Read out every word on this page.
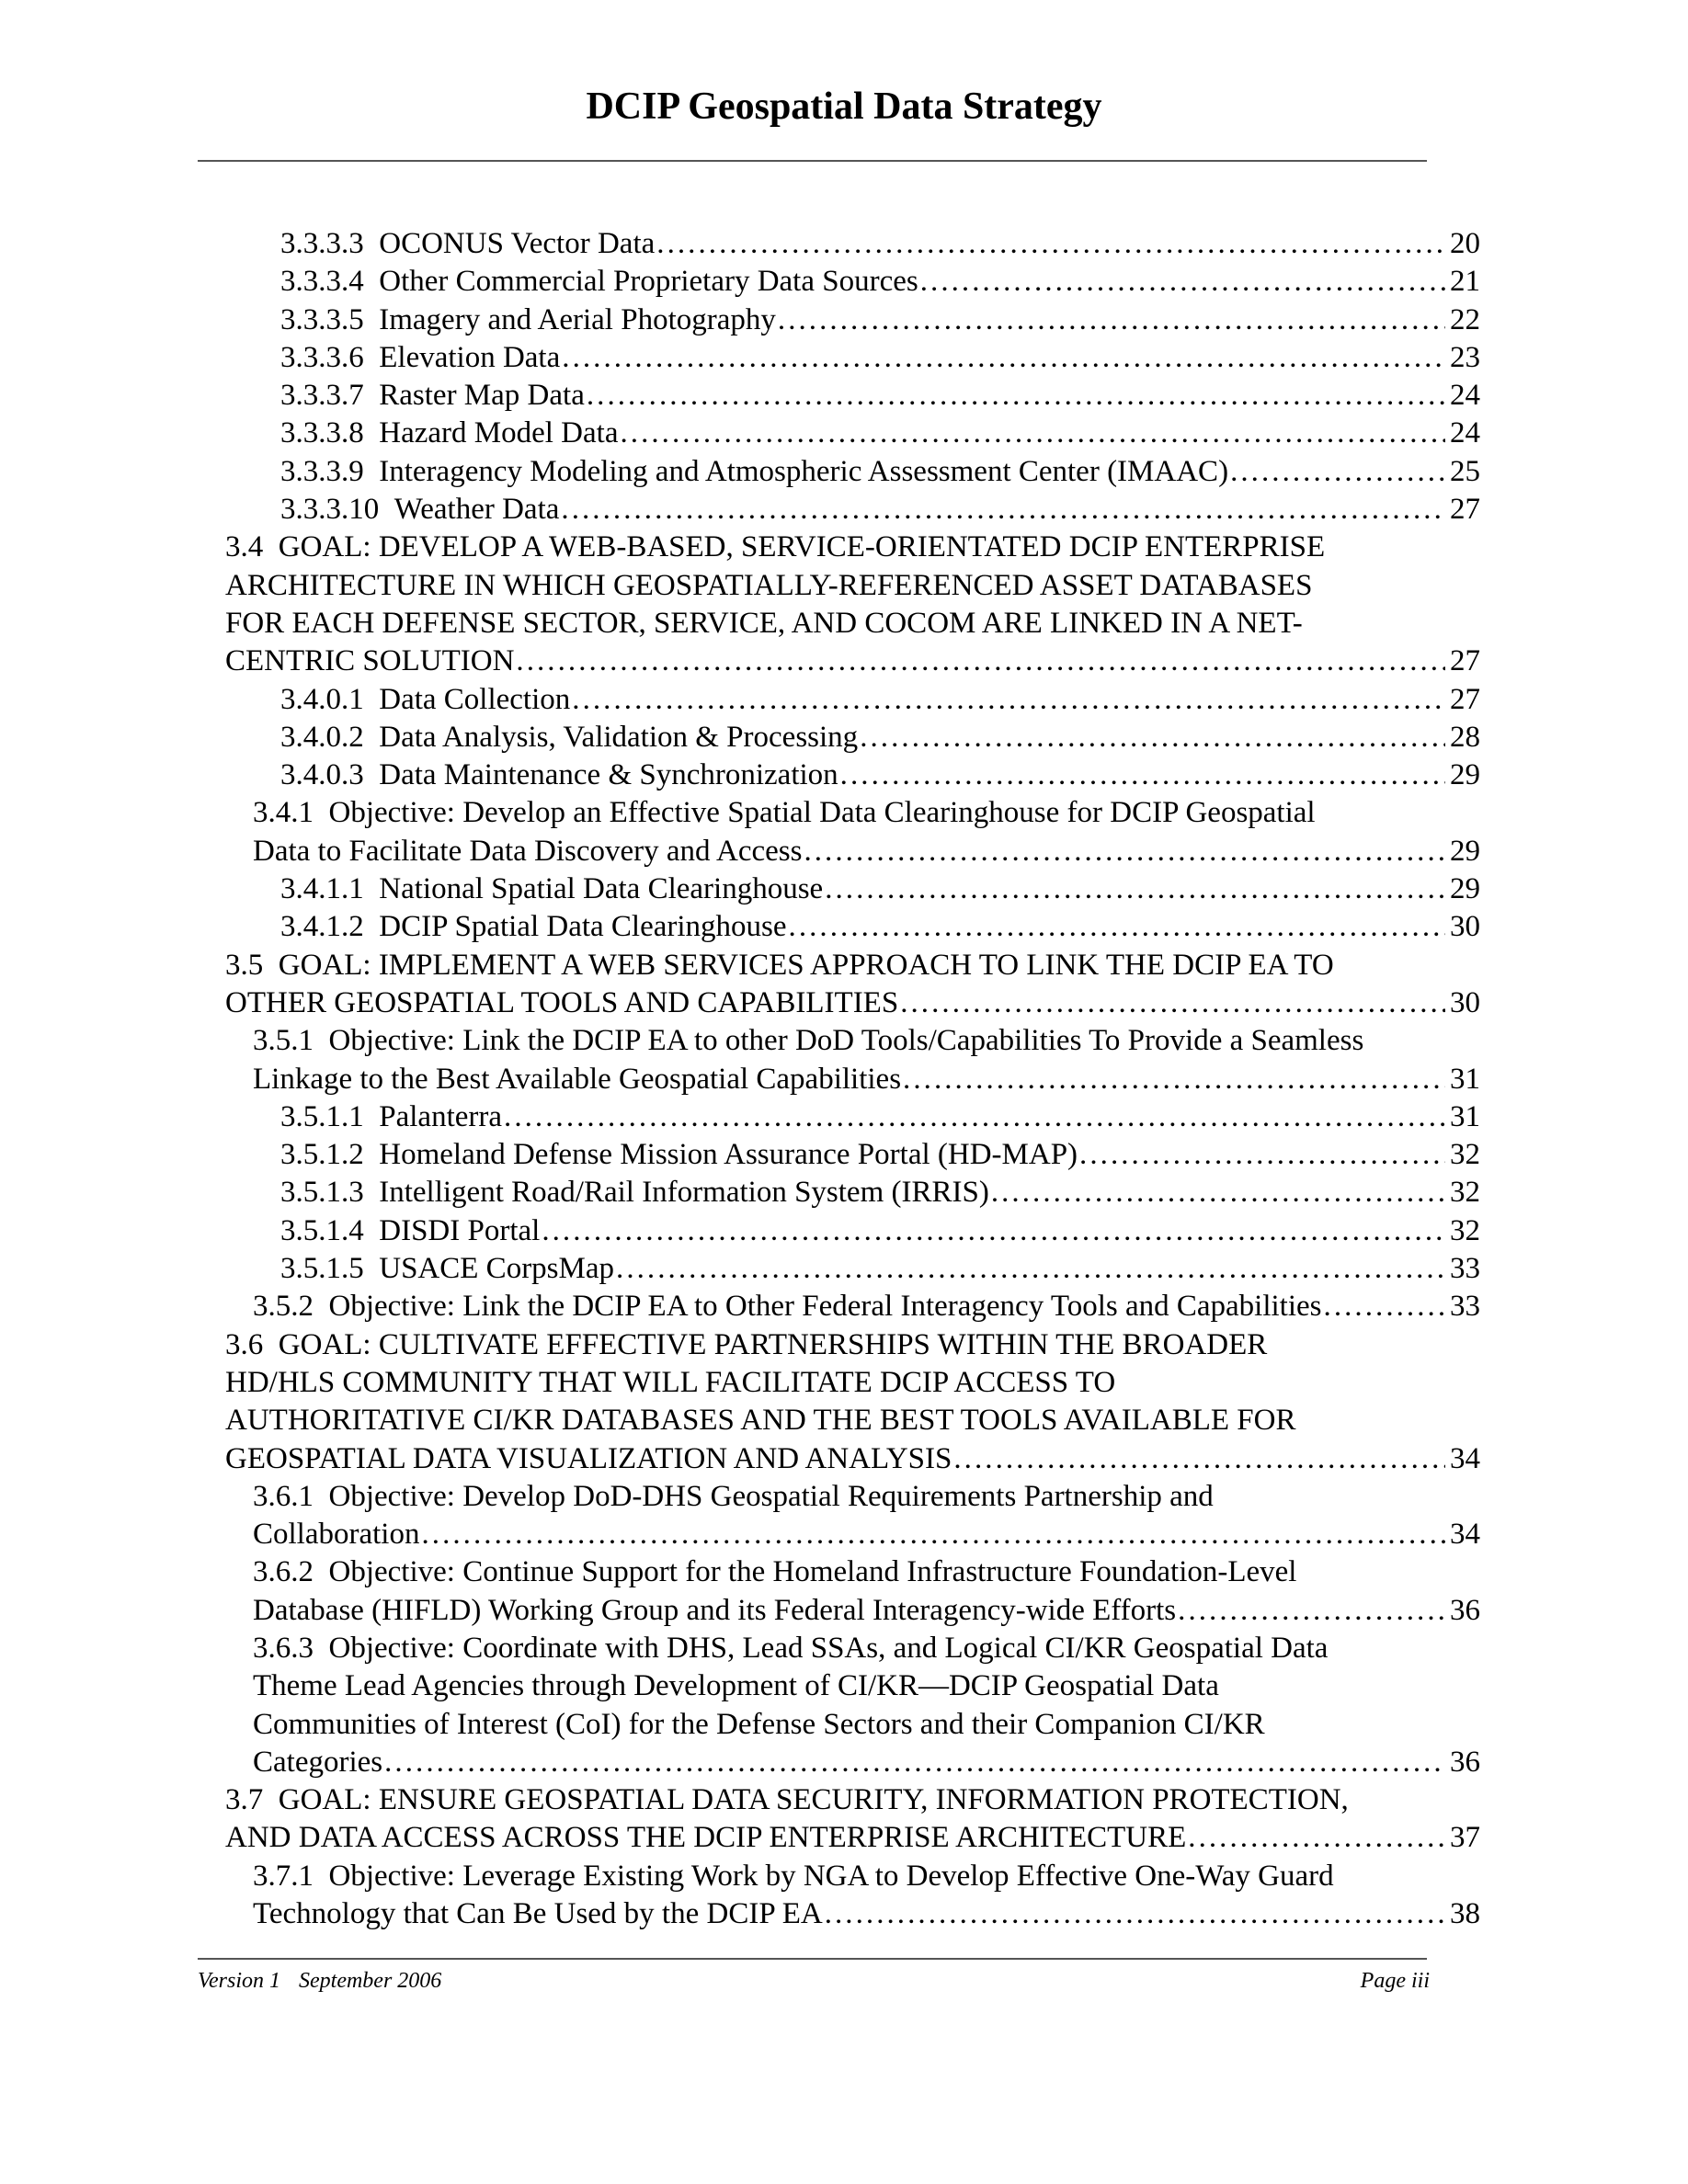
DCIP Geospatial Data Strategy
3.3.3.3 OCONUS Vector Data . . .	20
3.3.3.4 Other Commercial Proprietary Data Sources . . .	21
3.3.3.5 Imagery and Aerial Photography . . .	22
3.3.3.6 Elevation Data . . .	23
3.3.3.7 Raster Map Data . . .	24
3.3.3.8 Hazard Model Data . . .	24
3.3.3.9 Interagency Modeling and Atmospheric Assessment Center (IMAAC) . . .	25
3.3.3.10 Weather Data . . .	27
3.4 GOAL: DEVELOP A WEB-BASED, SERVICE-ORIENTATED DCIP ENTERPRISE
ARCHITECTURE IN WHICH GEOSPATIALLY-REFERENCED ASSET DATABASES
FOR EACH DEFENSE SECTOR, SERVICE, AND COCOM ARE LINKED IN A NET-
CENTRIC SOLUTION . . .	27
3.4.0.1 Data Collection . . .	27
3.4.0.2 Data Analysis, Validation & Processing . . .	28
3.4.0.3 Data Maintenance & Synchronization . . .	29
3.4.1 Objective: Develop an Effective Spatial Data Clearinghouse for DCIP Geospatial
Data to Facilitate Data Discovery and Access . . .	29
3.4.1.1 National Spatial Data Clearinghouse . . .	29
3.4.1.2 DCIP Spatial Data Clearinghouse . . .	30
3.5 GOAL: IMPLEMENT A WEB SERVICES APPROACH TO LINK THE DCIP EA TO
OTHER GEOSPATIAL TOOLS AND CAPABILITIES . . .	30
3.5.1 Objective: Link the DCIP EA to other DoD Tools/Capabilities To Provide a Seamless
Linkage to the Best Available Geospatial Capabilities . . .	31
3.5.1.1 Palanterra . . .	31
3.5.1.2 Homeland Defense Mission Assurance Portal (HD-MAP) . . .	32
3.5.1.3 Intelligent Road/Rail Information System (IRRIS) . . .	32
3.5.1.4 DISDI Portal . . .	32
3.5.1.5 USACE CorpsMap . . .	33
3.5.2 Objective: Link the DCIP EA to Other Federal Interagency Tools and Capabilities . . .	33
3.6 GOAL: CULTIVATE EFFECTIVE PARTNERSHIPS WITHIN THE BROADER
HD/HLS COMMUNITY THAT WILL FACILITATE DCIP ACCESS TO
AUTHORITATIVE CI/KR DATABASES AND THE BEST TOOLS AVAILABLE FOR
GEOSPATIAL DATA VISUALIZATION AND ANALYSIS . . .	34
3.6.1 Objective: Develop DoD-DHS Geospatial Requirements Partnership and
Collaboration . . .	34
3.6.2 Objective: Continue Support for the Homeland Infrastructure Foundation-Level
Database (HIFLD) Working Group and its Federal Interagency-wide Efforts . . .	36
3.6.3 Objective: Coordinate with DHS, Lead SSAs, and Logical CI/KR Geospatial Data
Theme Lead Agencies through Development of CI/KR—DCIP Geospatial Data
Communities of Interest (CoI) for the Defense Sectors and their Companion CI/KR
Categories . . .	36
3.7 GOAL: ENSURE GEOSPATIAL DATA SECURITY, INFORMATION PROTECTION,
AND DATA ACCESS ACROSS THE DCIP ENTERPRISE ARCHITECTURE . . .	37
3.7.1 Objective: Leverage Existing Work by NGA to Develop Effective One-Way Guard
Technology that Can Be Used by the DCIP EA . . .	38
Version 1 September 2006	Page iii
